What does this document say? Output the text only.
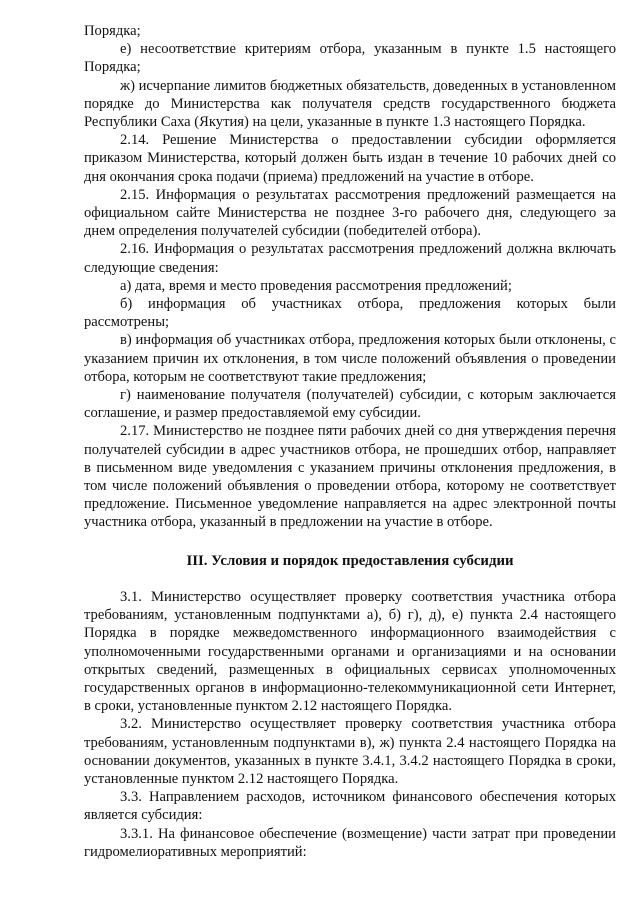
Порядка;

е) несоответствие критериям отбора, указанным в пункте 1.5 настоящего Порядка;

ж) исчерпание лимитов бюджетных обязательств, доведенных в установленном порядке до Министерства как получателя средств государственного бюджета Республики Саха (Якутия) на цели, указанные в пункте 1.3 настоящего Порядка.

2.14. Решение Министерства о предоставлении субсидии оформляется приказом Министерства, который должен быть издан в течение 10 рабочих дней со дня окончания срока подачи (приема) предложений на участие в отборе.

2.15. Информация о результатах рассмотрения предложений размещается на официальном сайте Министерства не позднее 3-го рабочего дня, следующего за днем определения получателей субсидии (победителей отбора).

2.16. Информация о результатах рассмотрения предложений должна включать следующие сведения:

а) дата, время и место проведения рассмотрения предложений;

б) информация об участниках отбора, предложения которых были рассмотрены;

в) информация об участниках отбора, предложения которых были отклонены, с указанием причин их отклонения, в том числе положений объявления о проведении отбора, которым не соответствуют такие предложения;

г) наименование получателя (получателей) субсидии, с которым заключается соглашение, и размер предоставляемой ему субсидии.

2.17. Министерство не позднее пяти рабочих дней со дня утверждения перечня получателей субсидии в адрес участников отбора, не прошедших отбор, направляет в письменном виде уведомления с указанием причины отклонения предложения, в том числе положений объявления о проведении отбора, которому не соответствует предложение. Письменное уведомление направляется на адрес электронной почты участника отбора, указанный в предложении на участие в отборе.

III. Условия и порядок предоставления субсидии

3.1. Министерство осуществляет проверку соответствия участника отбора требованиям, установленным подпунктами а), б) г), д), е) пункта 2.4 настоящего Порядка в порядке межведомственного информационного взаимодействия с уполномоченными государственными органами и организациями и на основании открытых сведений, размещенных в официальных сервисах уполномоченных государственных органов в информационно-телекоммуникационной сети Интернет, в сроки, установленные пунктом 2.12 настоящего Порядка.

3.2. Министерство осуществляет проверку соответствия участника отбора требованиям, установленным подпунктами в), ж) пункта 2.4 настоящего Порядка на основании документов, указанных в пункте 3.4.1, 3.4.2 настоящего Порядка в сроки, установленные пунктом 2.12 настоящего Порядка.

3.3. Направлением расходов, источником финансового обеспечения которых является субсидия:

3.3.1. На финансовое обеспечение (возмещение) части затрат при проведении гидромелиоративных мероприятий:
